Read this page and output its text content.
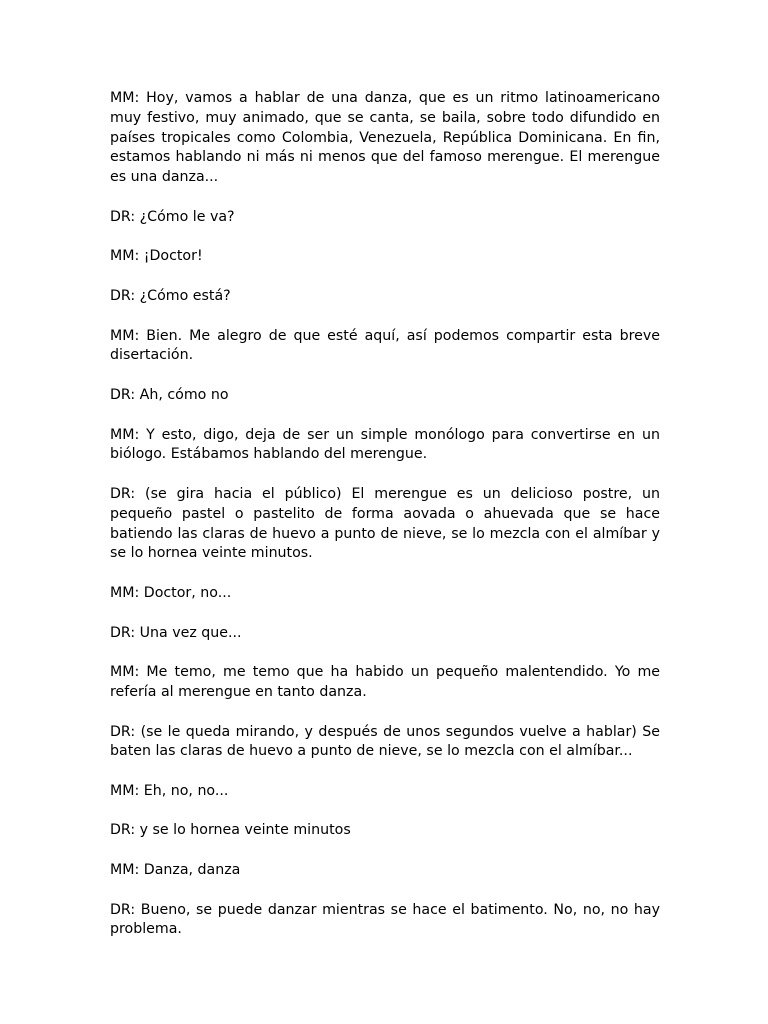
MM: Hoy, vamos a hablar de una danza, que es un ritmo latinoamericano muy festivo, muy animado, que se canta, se baila, sobre todo difundido en países tropicales como Colombia, Venezuela, República Dominicana. En fin, estamos hablando ni más ni menos que del famoso merengue. El merengue es una danza...

DR: ¿Cómo le va?

MM: ¡Doctor!

DR: ¿Cómo está?

MM: Bien. Me alegro de que esté aquí, así podemos compartir esta breve disertación.

DR: Ah, cómo no

MM: Y esto, digo, deja de ser un simple monólogo para convertirse en un biólogo. Estábamos hablando del merengue.

DR: (se gira hacia el público) El merengue es un delicioso postre, un pequeño pastel o pastelito de forma aovada o ahuevada que se hace batiendo las claras de huevo a punto de nieve, se lo mezcla con el almíbar y se lo hornea veinte minutos.

MM: Doctor, no...

DR: Una vez que...

MM: Me temo, me temo que ha habido un pequeño malentendido. Yo me refería al merengue en tanto danza.

DR: (se le queda mirando, y después de unos segundos vuelve a hablar) Se baten las claras de huevo a punto de nieve, se lo mezcla con el almíbar...

MM: Eh, no, no...

DR: y se lo hornea veinte minutos

MM: Danza, danza

DR: Bueno, se puede danzar mientras se hace el batimento. No, no, no hay problema.
